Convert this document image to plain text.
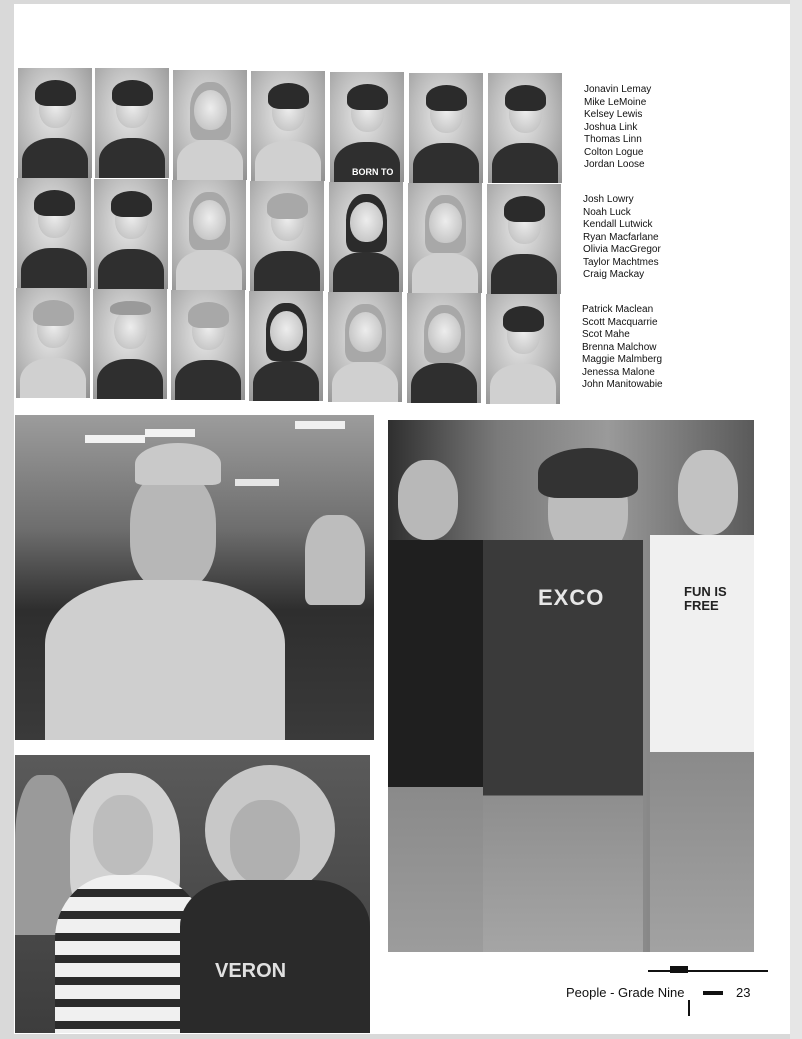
BORN TO
Jonavin Lemay
Mike LeMoine
Kelsey Lewis
Joshua Link
Thomas Linn
Colton Logue
Jordan Loose
Josh Lowry
Noah Luck
Kendall Lutwick
Ryan Macfarlane
Olivia MacGregor
Taylor Machtmes
Craig Mackay
Patrick Maclean
Scott Macquarrie
Scot Mahe
Brenna Malchow
Maggie Malmberg
Jenessa Malone
John Manitowabie
VERON
EXCO	FUN IS FREE
People - Grade Nine	23
